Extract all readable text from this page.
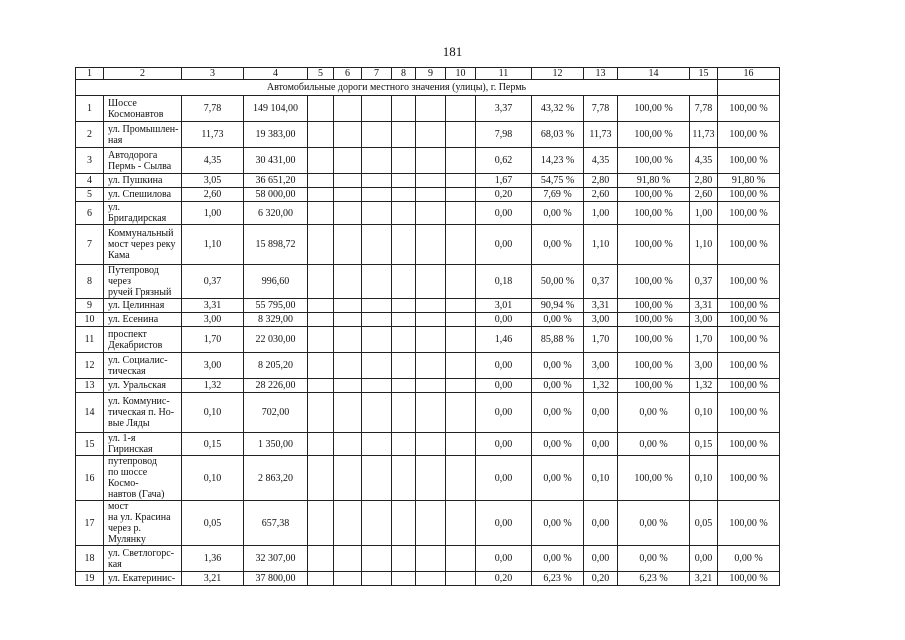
181
1	2	3	4	5	6	7	8	9	10	11	12	13	14	15	16
Автомобильные дороги местного значения (улицы), г. Пермь															
1	Шоссе
Космонавтов	7,78	149 104,00							3,37	43,32 %	7,78	100,00 %	7,78	100,00 %
2	ул. Промышлен-
ная	11,73	19 383,00							7,98	68,03 %	11,73	100,00 %	11,73	100,00 %
3	Автодорога
Пермь - Сылва	4,35	30 431,00							0,62	14,23 %	4,35	100,00 %	4,35	100,00 %
4	ул. Пушкина	3,05	36 651,20							1,67	54,75 %	2,80	91,80 %	2,80	91,80 %
5	ул. Спешилова	2,60	58 000,00							0,20	7,69 %	2,60	100,00 %	2,60	100,00 %
6	ул. Бригадирская	1,00	6 320,00							0,00	0,00 %	1,00	100,00 %	1,00	100,00 %
7	Коммунальный
мост через реку
Кама	1,10	15 898,72							0,00	0,00 %	1,10	100,00 %	1,10	100,00 %
8	Путепровод через
ручей Грязный	0,37	996,60							0,18	50,00 %	0,37	100,00 %	0,37	100,00 %
9	ул. Целинная	3,31	55 795,00							3,01	90,94 %	3,31	100,00 %	3,31	100,00 %
10	ул. Есенина	3,00	8 329,00							0,00	0,00 %	3,00	100,00 %	3,00	100,00 %
11	проспект
Декабристов	1,70	22 030,00							1,46	85,88 %	1,70	100,00 %	1,70	100,00 %
12	ул. Социалис-
тическая	3,00	8 205,20							0,00	0,00 %	3,00	100,00 %	3,00	100,00 %
13	ул. Уральская	1,32	28 226,00							0,00	0,00 %	1,32	100,00 %	1,32	100,00 %
14	ул. Коммунис-
тическая п. Но-
вые Ляды	0,10	702,00							0,00	0,00 %	0,00	0,00 %	0,10	100,00 %
15	ул. 1-я Гиринская	0,15	1 350,00							0,00	0,00 %	0,00	0,00 %	0,15	100,00 %
16	путепровод
по шоссе Космо-
навтов (Гача)	0,10	2 863,20							0,00	0,00 %	0,10	100,00 %	0,10	100,00 %
17	мост
на ул. Красина
через р. Мулянку	0,05	657,38							0,00	0,00 %	0,00	0,00 %	0,05	100,00 %
18	ул. Светлогорс-
кая	1,36	32 307,00							0,00	0,00 %	0,00	0,00 %	0,00	0,00 %
19	ул. Екатеринис-	3,21	37 800,00							0,20	6,23 %	0,20	6,23 %	3,21	100,00 %
